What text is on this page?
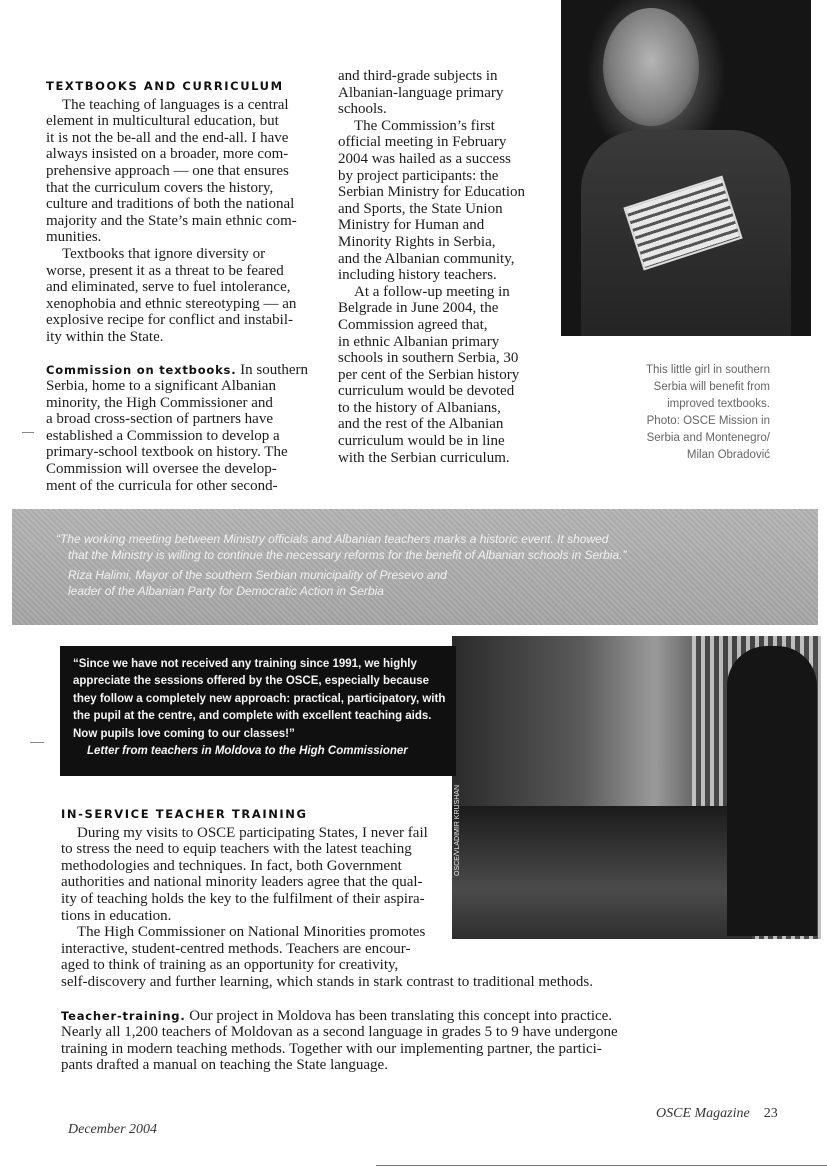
TEXTBOOKS AND CURRICULUM
The teaching of languages is a central
element in multicultural education, but
it is not the be-all and the end-all. I have
always insisted on a broader, more com-
prehensive approach — one that ensures
that the curriculum covers the history,
culture and traditions of both the national
majority and the State’s main ethnic com-
munities.
Textbooks that ignore diversity or
worse, present it as a threat to be feared
and eliminated, serve to fuel intolerance,
xenophobia and ethnic stereotyping — an
explosive recipe for conflict and instabil-
ity within the State.
Commission on textbooks. In southern
Serbia, home to a significant Albanian
minority, the High Commissioner and
a broad cross-section of partners have
established a Commission to develop a
primary-school textbook on history. The
Commission will oversee the develop-
ment of the curricula for other second-
and third-grade subjects in
Albanian-language primary
schools.
The Commission’s first
official meeting in February
2004 was hailed as a success
by project participants: the
Serbian Ministry for Education
and Sports, the State Union
Ministry for Human and
Minority Rights in Serbia,
and the Albanian community,
including history teachers.
At a follow-up meeting in
Belgrade in June 2004, the
Commission agreed that,
in ethnic Albanian primary
schools in southern Serbia, 30
per cent of the Serbian history
curriculum would be devoted
to the history of Albanians,
and the rest of the Albanian
curriculum would be in line
with the Serbian curriculum.
This little girl in southern
Serbia will benefit from
improved textbooks.
Photo: OSCE Mission in
Serbia and Montenegro/
Milan Obradović
“The working meeting between Ministry officials and Albanian teachers marks a historic event. It showed
that the Ministry is willing to continue the necessary reforms for the benefit of Albanian schools in Serbia.”
Riza Halimi, Mayor of the southern Serbian municipality of Presevo and
leader of the Albanian Party for Democratic Action in Serbia
OSCE/VLADIMIR KRUSHAN
“Since we have not received any training since 1991, we highly
appreciate the sessions offered by the OSCE, especially because
they follow a completely new approach: practical, participatory, with
the pupil at the centre, and complete with excellent teaching aids.
Now pupils love coming to our classes!”
Letter from teachers in Moldova to the High Commissioner
IN-SERVICE TEACHER TRAINING
During my visits to OSCE participating States, I never fail
to stress the need to equip teachers with the latest teaching
methodologies and techniques. In fact, both Government
authorities and national minority leaders agree that the qual-
ity of teaching holds the key to the fulfilment of their aspira-
tions in education.
The High Commissioner on National Minorities promotes
interactive, student-centred methods. Teachers are encour-
aged to think of training as an opportunity for creativity,
self-discovery and further learning, which stands in stark contrast to traditional methods.
Teacher-training. Our project in Moldova has been translating this concept into practice.
Nearly all 1,200 teachers of Moldovan as a second language in grades 5 to 9 have undergone
training in modern teaching methods. Together with our implementing partner, the partici-
pants drafted a manual on teaching the State language.
December 2004
OSCE Magazine 23
